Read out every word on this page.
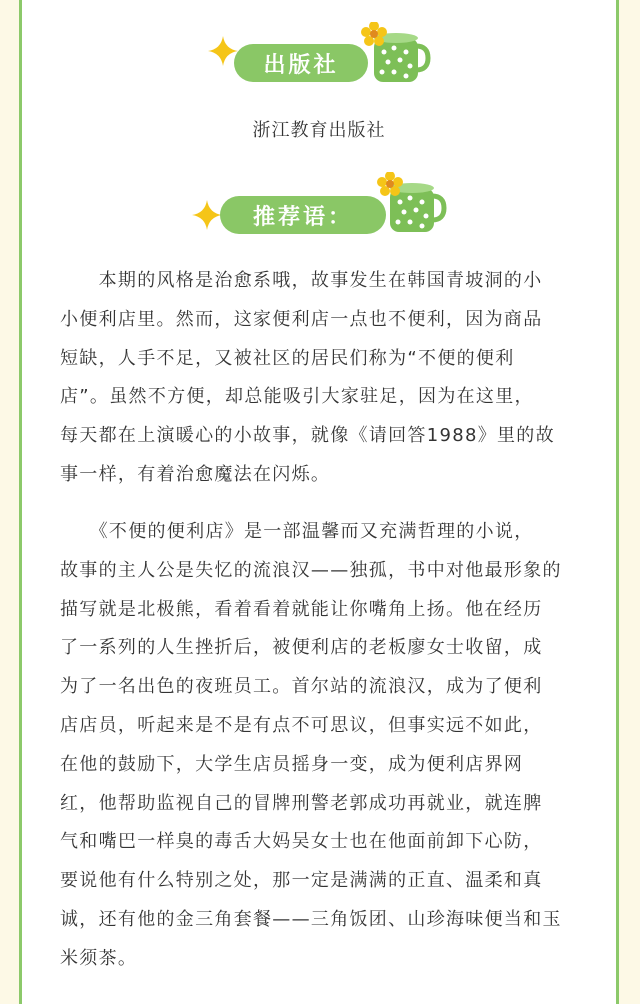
出版社
浙江教育出版社
推荐语：
　　本期的风格是治愈系哦，故事发生在韩国青坡洞的小
小便利店里。然而，这家便利店一点也不便利，因为商品
短缺，人手不足，又被社区的居民们称为“不便的便利
店”。虽然不方便，却总能吸引大家驻足，因为在这里，
每天都在上演暖心的小故事，就像《请回答1988》里的故
事一样，有着治愈魔法在闪烁。
　　《不便的便利店》是一部温馨而又充满哲理的小说，
故事的主人公是失忆的流浪汉——独孤，书中对他最形象的
描写就是北极熊，看着看着就能让你嘴角上扬。他在经历
了一系列的人生挫折后，被便利店的老板廖女士收留，成
为了一名出色的夜班员工。首尔站的流浪汉，成为了便利
店店员，听起来是不是有点不可思议，但事实远不如此，
在他的鼓励下，大学生店员摇身一变，成为便利店界网
红，他帮助监视自己的冒牌刑警老郭成功再就业，就连脾
气和嘴巴一样臭的毒舌大妈吴女士也在他面前卸下心防，
要说他有什么特别之处，那一定是满满的正直、温柔和真
诚，还有他的金三角套餐——三角饭团、山珍海味便当和玉
米须茶。
